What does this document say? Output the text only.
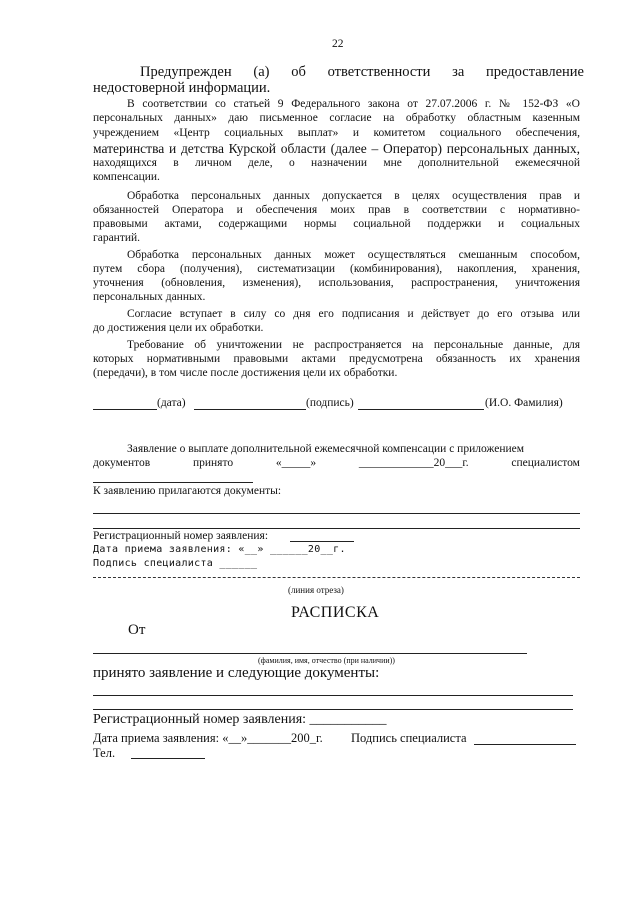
22
Предупрежден (а) об ответственности за предоставление
недостоверной информации.
В соответствии со статьей 9 Федерального закона от 27.07.2006 г. № 152-ФЗ «О
персональных данных» даю письменное согласие на обработку областным казенным
учреждением «Центр социальных выплат» и комитетом социального обеспечения,
материнства и детства Курской области (далее – Оператор) персональных данных,
находящихся в личном деле, о назначении мне дополнительной ежемесячной
компенсации.
Обработка персональных данных допускается в целях осуществления прав и
обязанностей Оператора и обеспечения моих прав в соответствии с нормативно-
правовыми актами, содержащими нормы социальной поддержки и социальных
гарантий.
Обработка персональных данных может осуществляться смешанным способом,
путем сбора (получения), систематизации (комбинирования), накопления, хранения,
уточнения (обновления, изменения), использования, распространения, уничтожения
персональных данных.
Согласие вступает в силу со дня его подписания и действует до его отзыва или
до достижения цели их обработки.
Требование об уничтожении не распространяется на персональные данные, для
которых нормативными правовыми актами предусмотрена обязанность их хранения
(передачи), в том числе после достижения цели их обработки.
(дата)	(подпись)	(И.О. Фамилия)
Заявление о выплате дополнительной ежемесячной компенсации с приложением
документов	принято	«_____»	_____________20___г.	специалистом
К заявлению прилагаются документы:
Регистрационный номер заявления:
Дата приема заявления: «__» ______20__г.
Подпись специалиста ______
(линия отреза)
РАСПИСКА
От
(фамилия, имя, отчество (при наличии))
принято заявление и следующие документы:
Регистрационный номер заявления: ___________
Дата приема заявления: «__»_______200_г. Подпись специалиста
Тел.
